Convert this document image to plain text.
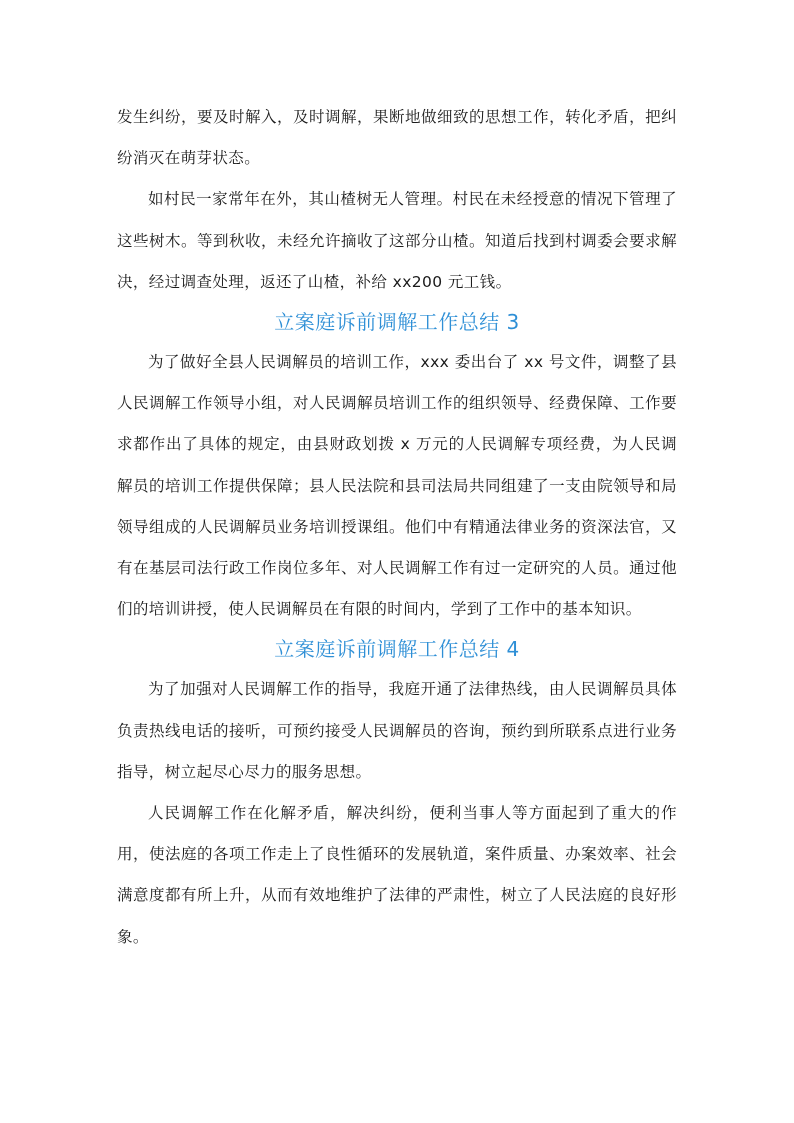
发生纠纷，要及时解入，及时调解，果断地做细致的思想工作，转化矛盾，把纠纷消灭在萌芽状态。

如村民一家常年在外，其山楂树无人管理。村民在未经授意的情况下管理了这些树木。等到秋收，未经允许摘收了这部分山楂。知道后找到村调委会要求解决，经过调查处理，返还了山楂，补给 xx200 元工钱。

立案庭诉前调解工作总结 3

为了做好全县人民调解员的培训工作，xxx 委出台了 xx 号文件，调整了县人民调解工作领导小组，对人民调解员培训工作的组织领导、经费保障、工作要求都作出了具体的规定，由县财政划拨 x 万元的人民调解专项经费，为人民调解员的培训工作提供保障；县人民法院和县司法局共同组建了一支由院领导和局领导组成的人民调解员业务培训授课组。他们中有精通法律业务的资深法官，又有在基层司法行政工作岗位多年、对人民调解工作有过一定研究的人员。通过他们的培训讲授，使人民调解员在有限的时间内，学到了工作中的基本知识。

立案庭诉前调解工作总结 4

为了加强对人民调解工作的指导，我庭开通了法律热线，由人民调解员具体负责热线电话的接听，可预约接受人民调解员的咨询，预约到所联系点进行业务指导，树立起尽心尽力的服务思想。

人民调解工作在化解矛盾，解决纠纷，便利当事人等方面起到了重大的作用，使法庭的各项工作走上了良性循环的发展轨道，案件质量、办案效率、社会满意度都有所上升，从而有效地维护了法律的严肃性，树立了人民法庭的良好形象。
